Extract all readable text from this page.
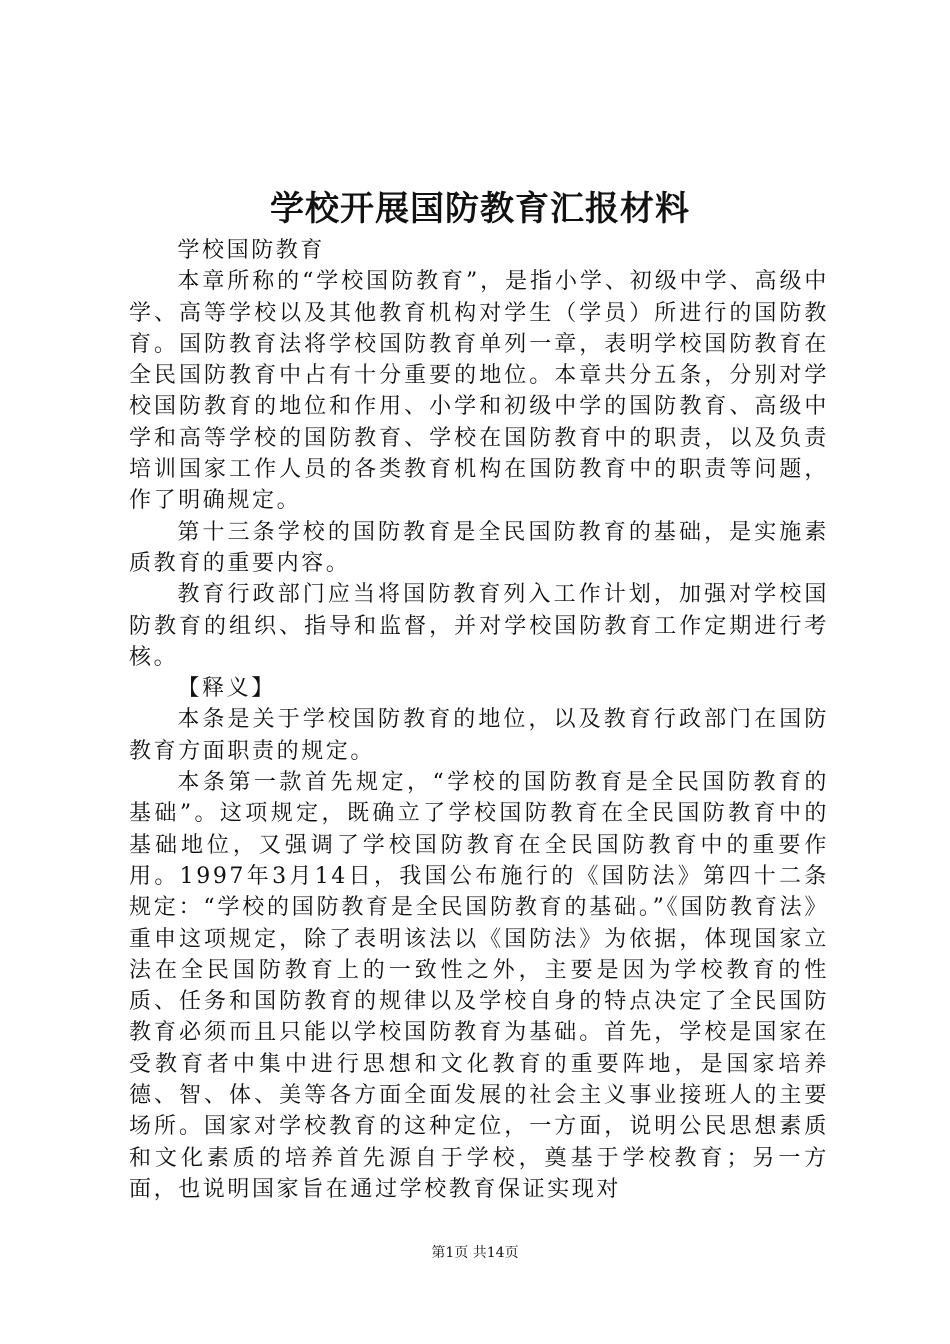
学校开展国防教育汇报材料

学校国防教育

本章所称的“学校国防教育”，是指小学、初级中学、高级中学、高等学校以及其他教育机构对学生（学员）所进行的国防教育。国防教育法将学校国防教育单列一章，表明学校国防教育在全民国防教育中占有十分重要的地位。本章共分五条，分别对学校国防教育的地位和作用、小学和初级中学的国防教育、高级中学和高等学校的国防教育、学校在国防教育中的职责，以及负责培训国家工作人员的各类教育机构在国防教育中的职责等问题，作了明确规定。

第十三条学校的国防教育是全民国防教育的基础，是实施素质教育的重要内容。

教育行政部门应当将国防教育列入工作计划，加强对学校国防教育的组织、指导和监督，并对学校国防教育工作定期进行考核。

【释义】

本条是关于学校国防教育的地位，以及教育行政部门在国防教育方面职责的规定。

本条第一款首先规定，“学校的国防教育是全民国防教育的基础”。这项规定，既确立了学校国防教育在全民国防教育中的基础地位，又强调了学校国防教育在全民国防教育中的重要作用。1997年3月14日，我国公布施行的《国防法》第四十二条规定：“学校的国防教育是全民国防教育的基础。”《国防教育法》重申这项规定，除了表明该法以《国防法》为依据，体现国家立法在全民国防教育上的一致性之外，主要是因为学校教育的性质、任务和国防教育的规律以及学校自身的特点决定了全民国防教育必须而且只能以学校国防教育为基础。首先，学校是国家在受教育者中集中进行思想和文化教育的重要阵地，是国家培养德、智、体、美等各方面全面发展的社会主义事业接班人的主要场所。国家对学校教育的这种定位，一方面，说明公民思想素质和文化素质的培养首先源自于学校，奠基于学校教育；另一方面，也说明国家旨在通过学校教育保证实现对

第1页 共14页
